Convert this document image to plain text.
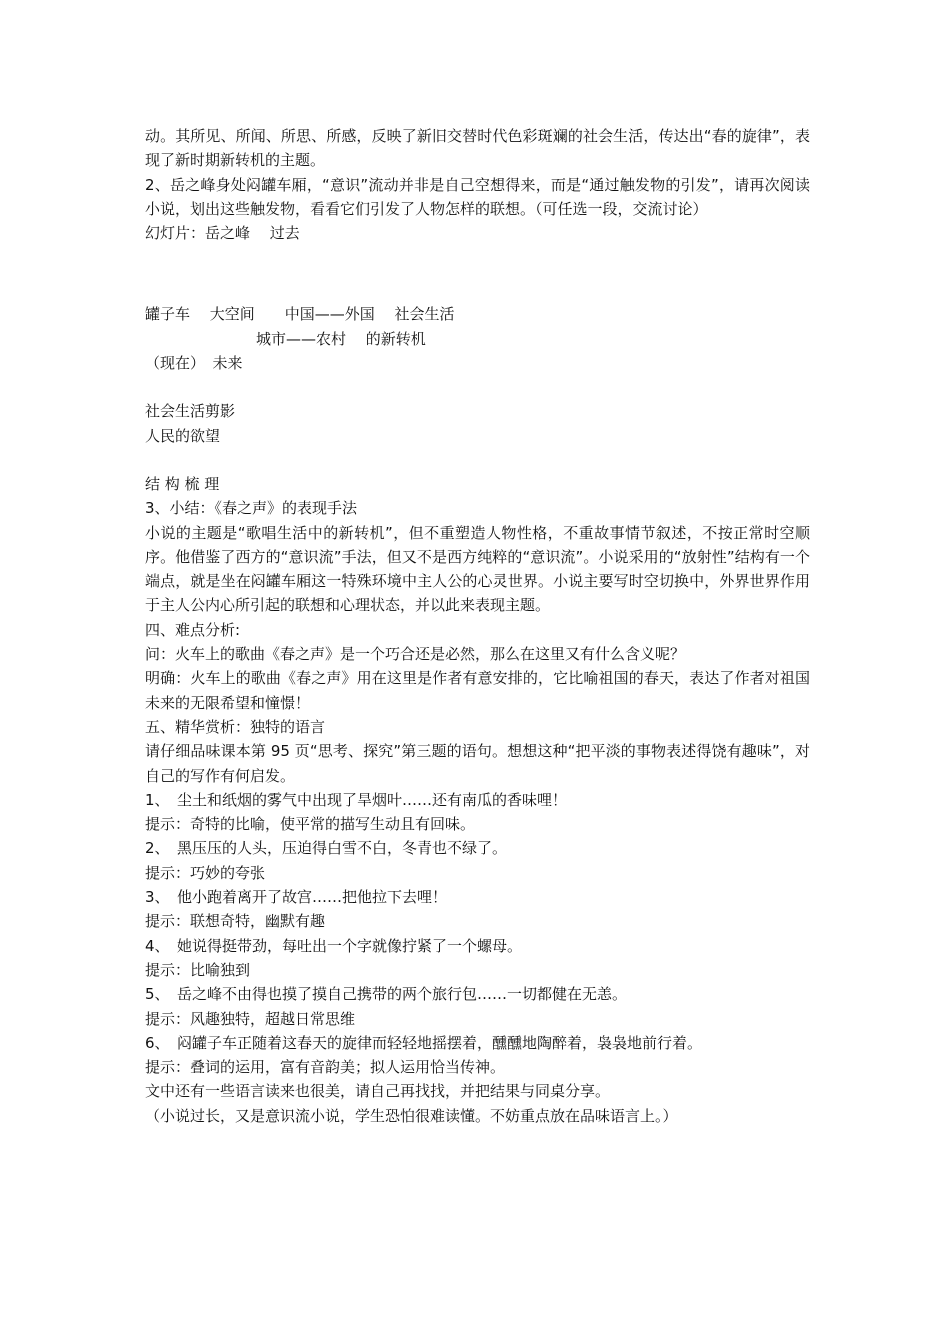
动。其所见、所闻、所思、所感，反映了新旧交替时代色彩斑斓的社会生活，传达出“春的旋律”，表现了新时期新转机的主题。
2、岳之峰身处闷罐车厢，“意识”流动并非是自己空想得来，而是“通过触发物的引发”，请再次阅读小说，划出这些触发物，看看它们引发了人物怎样的联想。（可任选一段，交流讨论）
幻灯片：岳之峰　 过去
罐子车　 大空间　　中国——外国　 社会生活
城市——农村　 的新转机
（现在）　未来
社会生活剪影
人民的欲望
结 构 梳 理
3、小结：《春之声》的表现手法
小说的主题是“歌唱生活中的新转机”，但不重塑造人物性格，不重故事情节叙述，不按正常时空顺序。他借鉴了西方的“意识流”手法，但又不是西方纯粹的“意识流”。小说采用的“放射性”结构有一个端点，就是坐在闷罐车厢这一特殊环境中主人公的心灵世界。小说主要写时空切换中，外界世界作用于主人公内心所引起的联想和心理状态，并以此来表现主题。
四、难点分析:
问：火车上的歌曲《春之声》是一个巧合还是必然，那么在这里又有什么含义呢？
明确：火车上的歌曲《春之声》用在这里是作者有意安排的，它比喻祖国的春天，表达了作者对祖国未来的无限希望和憧憬！
五、精华赏析：独特的语言
请仔细品味课本第 95 页“思考、探究”第三题的语句。想想这种“把平淡的事物表述得饶有趣味”，对自己的写作有何启发。
1、　尘土和纸烟的雾气中出现了旱烟叶……还有南瓜的香味哩！
提示：奇特的比喻，使平常的描写生动且有回味。
2、　黑压压的人头，压迫得白雪不白，冬青也不绿了。
提示：巧妙的夸张
3、　他小跑着离开了故宫……把他拉下去哩！
提示：联想奇特，幽默有趣
4、　她说得挺带劲，每吐出一个字就像拧紧了一个螺母。
提示：比喻独到
5、　岳之峰不由得也摸了摸自己携带的两个旅行包……一切都健在无恙。
提示：风趣独特，超越日常思维
6、　闷罐子车正随着这春天的旋律而轻轻地摇摆着，醺醺地陶醉着，袅袅地前行着。
提示：叠词的运用，富有音韵美；拟人运用恰当传神。
文中还有一些语言读来也很美，请自己再找找，并把结果与同桌分享。
（小说过长，又是意识流小说，学生恐怕很难读懂。不妨重点放在品味语言上。）
